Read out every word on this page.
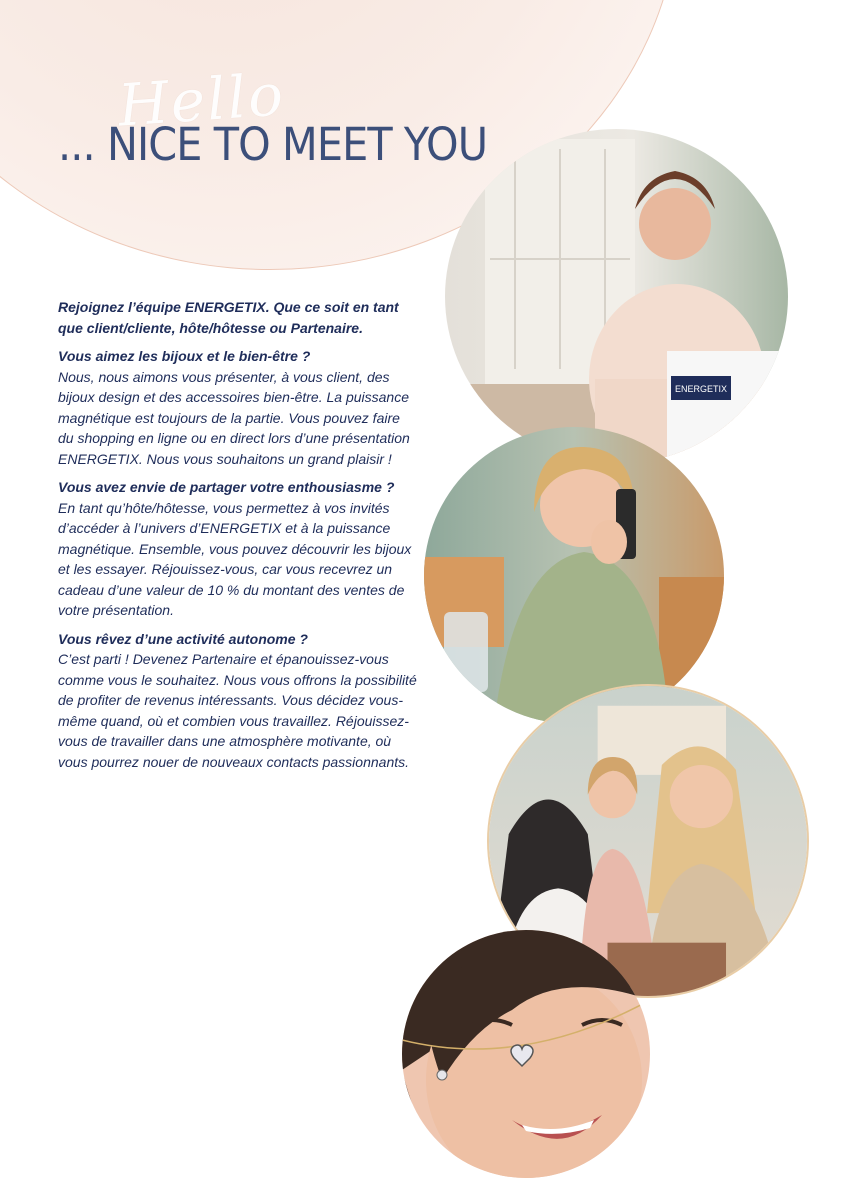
Hello
... NICE TO MEET YOU

Rejoignez l’équipe ENERGETIX. Que ce soit en tant que client/cliente, hôte/hôtesse ou Partenaire.

Vous aimez les bijoux et le bien-être ?
Nous, nous aimons vous présenter, à vous client, des bijoux design et des accessoires bien-être. La puissance magnétique est toujours de la partie. Vous pouvez faire du shopping en ligne ou en direct lors d’une présentation ENERGETIX. Nous vous souhaitons un grand plaisir !

Vous avez envie de partager votre enthousiasme ?
En tant qu’hôte/hôtesse, vous permettez à vos invités d’accéder à l’univers d’ENERGETIX et à la puissance magnétique. Ensemble, vous pouvez découvrir les bijoux et les essayer. Réjouissez-vous, car vous recevrez un cadeau d’une valeur de 10 % du montant des ventes de votre présentation.

Vous rêvez d’une activité autonome ?
C’est parti ! Devenez Partenaire et épanouissez-vous comme vous le souhaitez. Nous vous offrons la possibilité de profiter de revenus intéressants. Vous décidez vous-même quand, où et combien vous travaillez. Réjouissez-vous de travailler dans une atmosphère motivante, où vous pourrez nouer de nouveaux contacts passionnants.

ENERGETIX
